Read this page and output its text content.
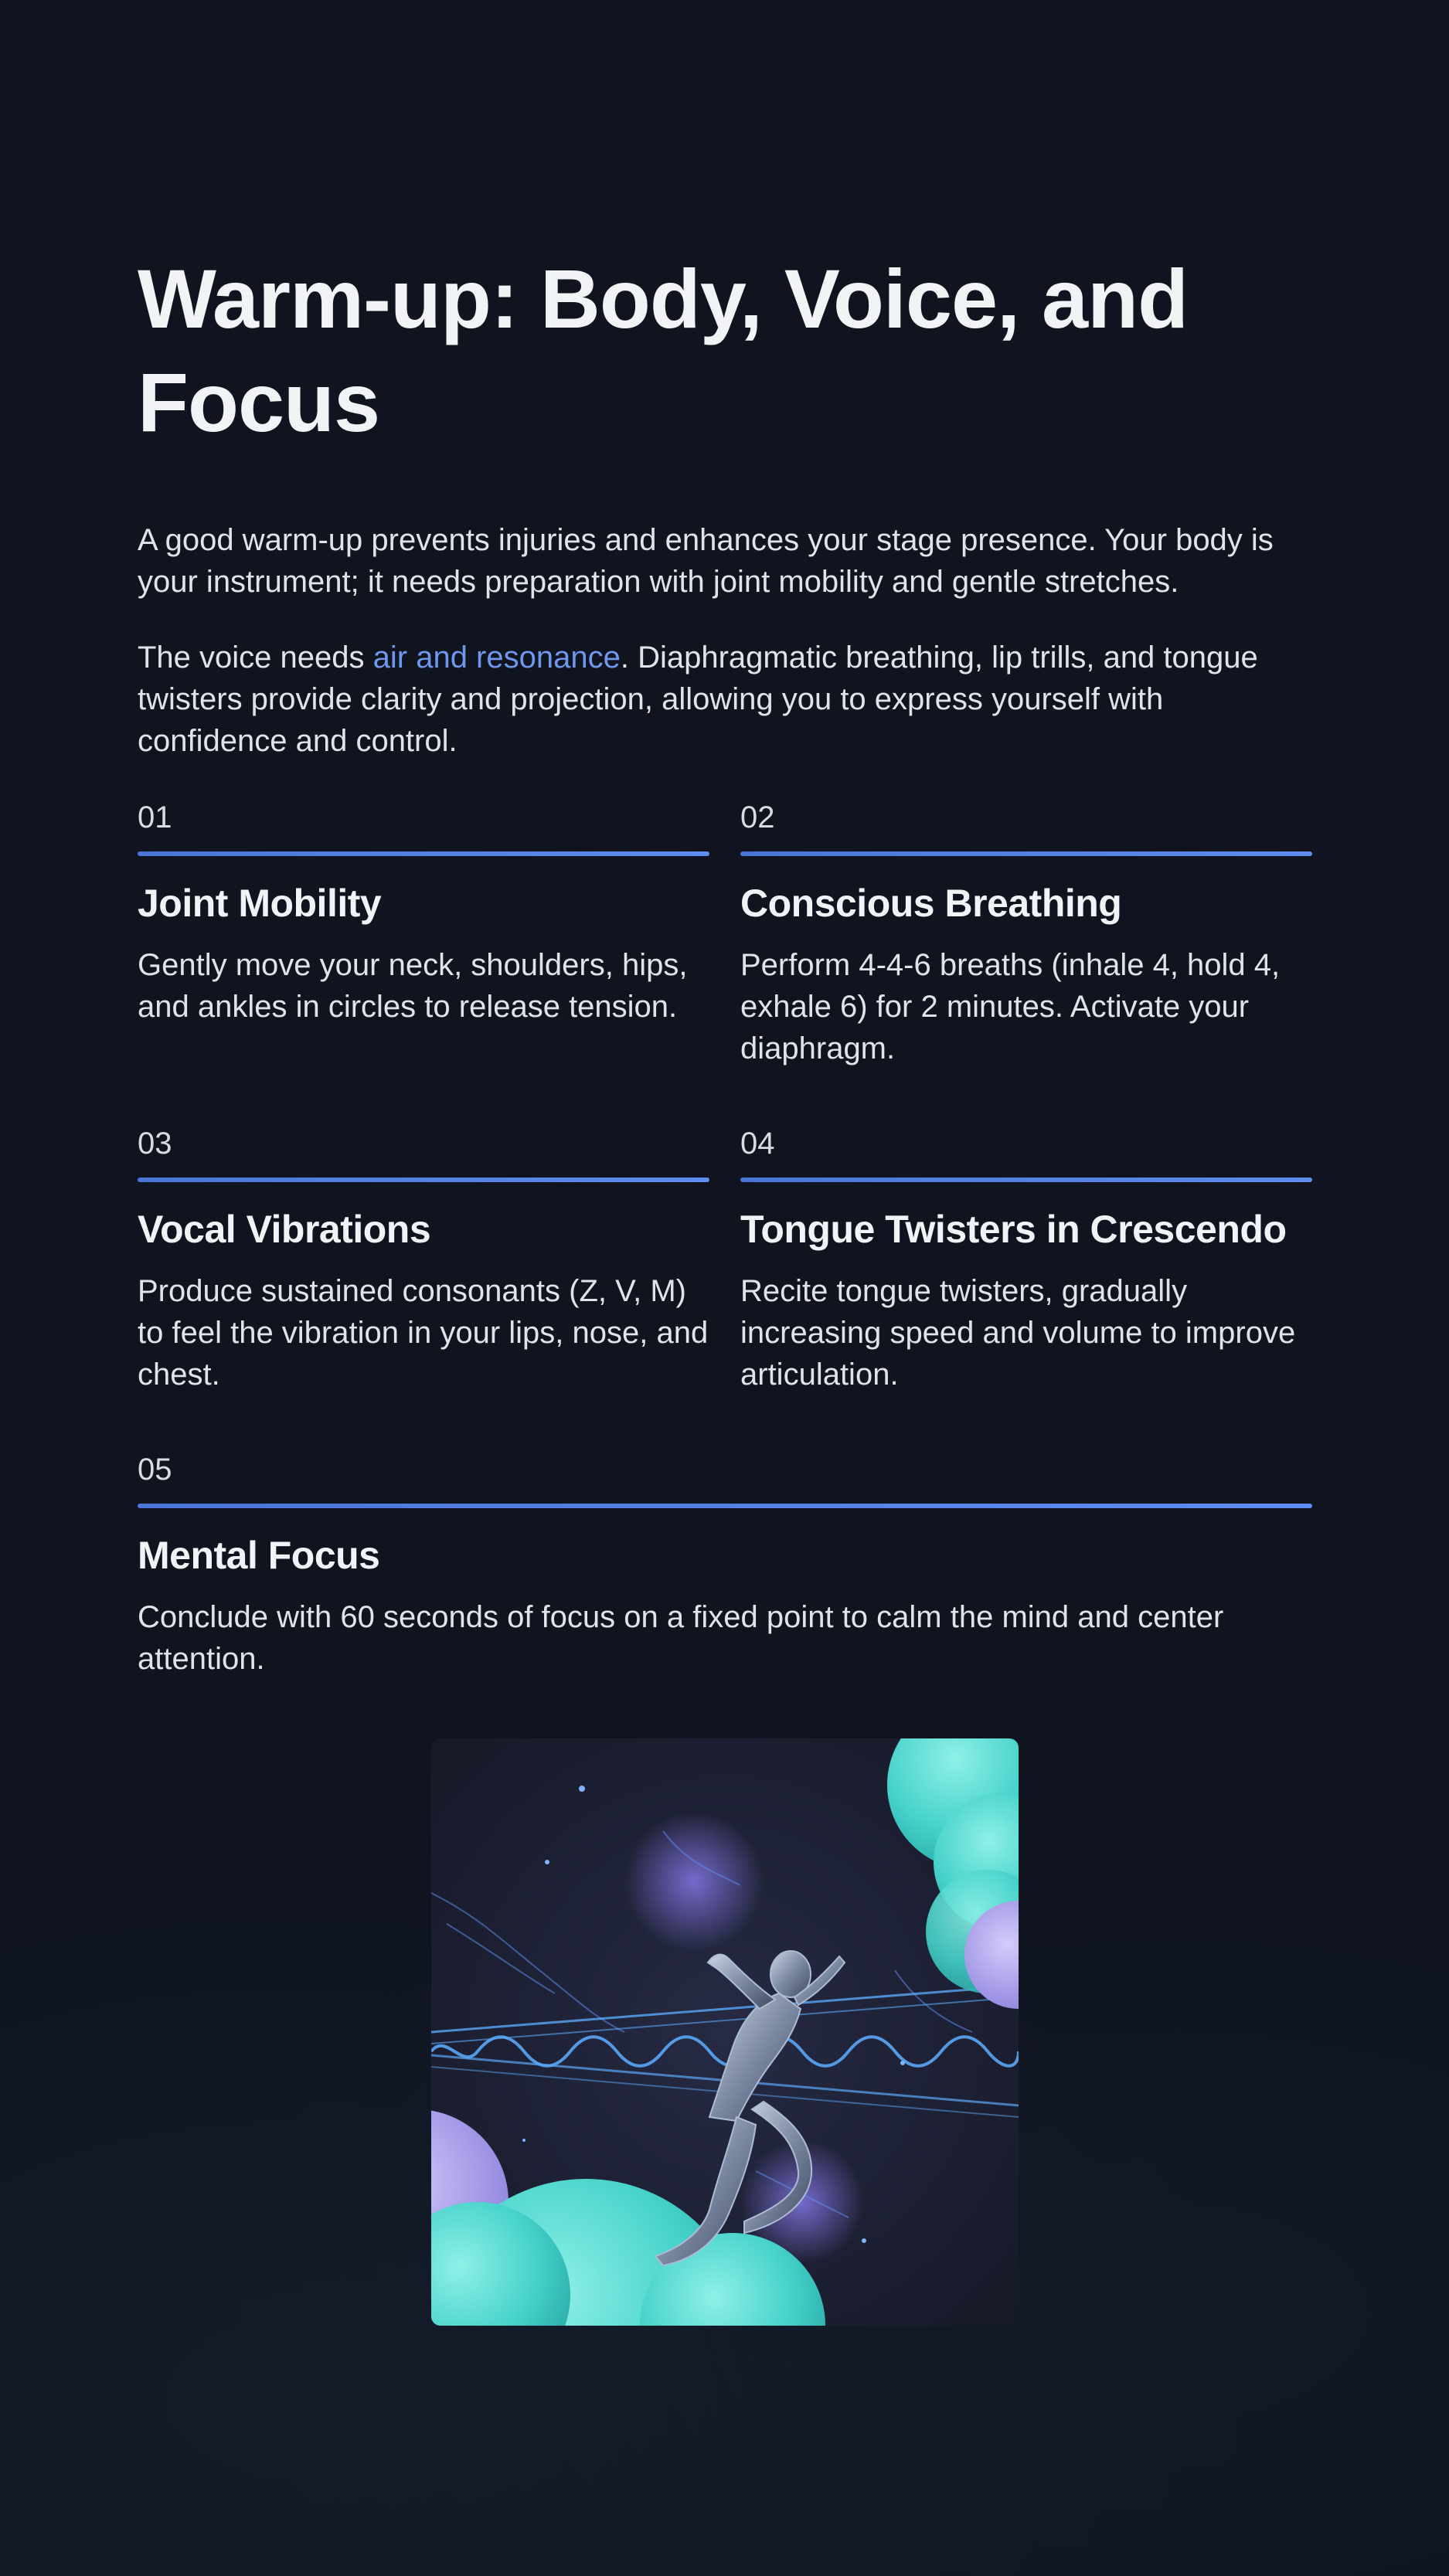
Warm-up: Body, Voice, and Focus

A good warm-up prevents injuries and enhances your stage presence. Your body is your instrument; it needs preparation with joint mobility and gentle stretches.

The voice needs air and resonance. Diaphragmatic breathing, lip trills, and tongue twisters provide clarity and projection, allowing you to express yourself with confidence and control.

01
Joint Mobility

Gently move your neck, shoulders, hips, and ankles in circles to release tension.

02
Conscious Breathing

Perform 4-4-6 breaths (inhale 4, hold 4, exhale 6) for 2 minutes. Activate your diaphragm.

03
Vocal Vibrations

Produce sustained consonants (Z, V, M) to feel the vibration in your lips, nose, and chest.

04
Tongue Twisters in Crescendo

Recite tongue twisters, gradually increasing speed and volume to improve articulation.

05
Mental Focus

Conclude with 60 seconds of focus on a fixed point to calm the mind and center attention.
